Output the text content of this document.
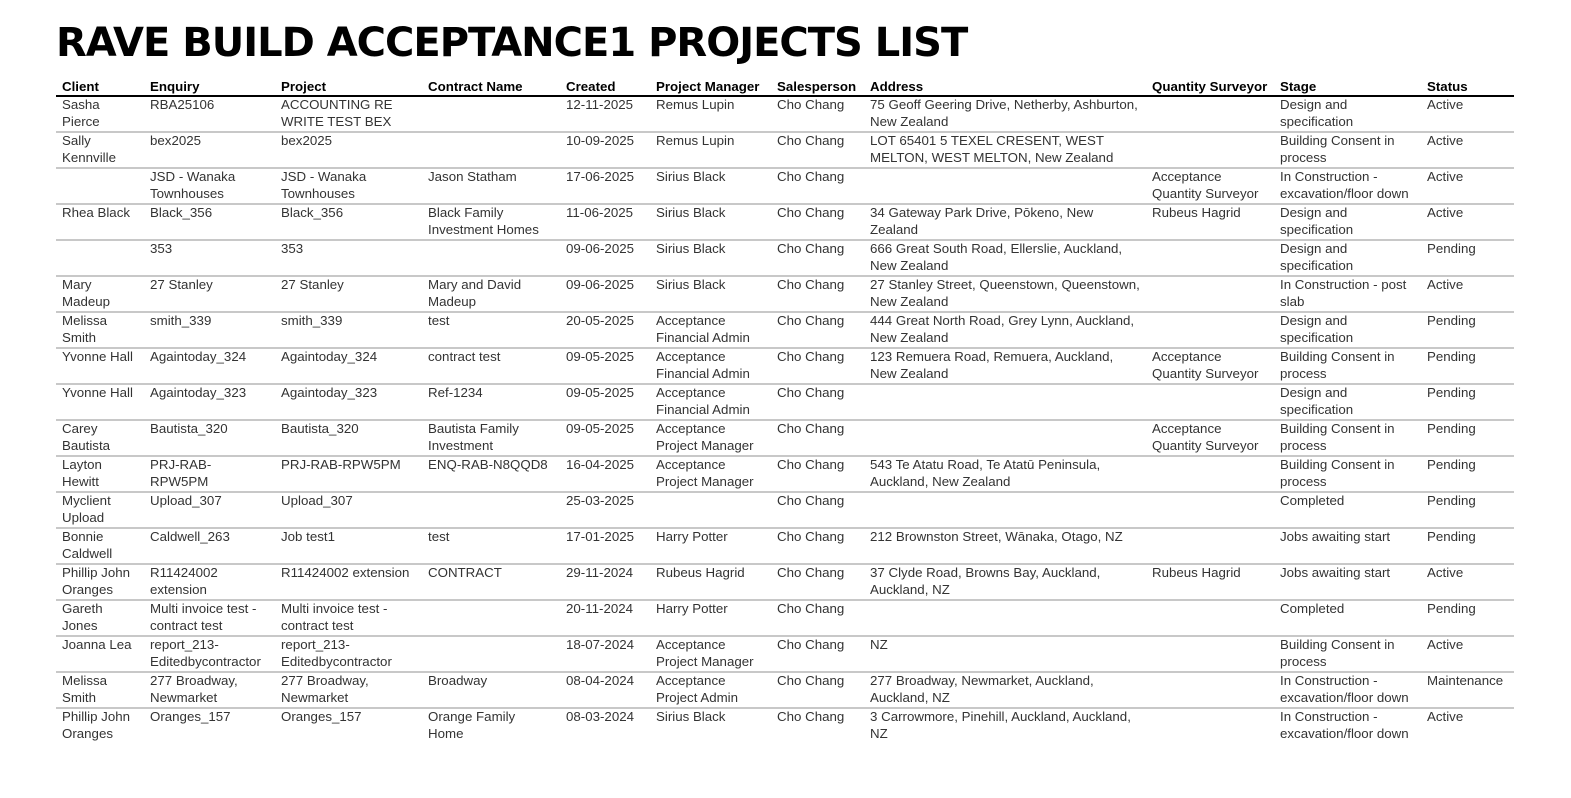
RAVE BUILD ACCEPTANCE1 PROJECTS LIST
Client	Enquiry	Project	Contract Name	Created	Project Manager	Salesperson	Address	Quantity Surveyor	Stage	Status
Sasha Pierce	RBA25106	ACCOUNTING RE WRITE TEST BEX		12-11-2025	Remus Lupin	Cho Chang	75 Geoff Geering Drive, Netherby, Ashburton, New Zealand		Design and specification	Active
Sally Kennville	bex2025	bex2025		10-09-2025	Remus Lupin	Cho Chang	LOT 65401 5 TEXEL CRESENT, WEST MELTON, WEST MELTON, New Zealand		Building Consent in process	Active
	JSD - Wanaka Townhouses	JSD - Wanaka Townhouses	Jason Statham	17-06-2025	Sirius Black	Cho Chang		Acceptance Quantity Surveyor	In Construction - excavation/floor down	Active
Rhea Black	Black_356	Black_356	Black Family Investment Homes	11-06-2025	Sirius Black	Cho Chang	34 Gateway Park Drive, Pōkeno, New Zealand	Rubeus Hagrid	Design and specification	Active
	353	353		09-06-2025	Sirius Black	Cho Chang	666 Great South Road, Ellerslie, Auckland, New Zealand		Design and specification	Pending
Mary Madeup	27 Stanley	27 Stanley	Mary and David Madeup	09-06-2025	Sirius Black	Cho Chang	27 Stanley Street, Queenstown, Queenstown, New Zealand		In Construction - post slab	Active
Melissa Smith	smith_339	smith_339	test	20-05-2025	Acceptance Financial Admin	Cho Chang	444 Great North Road, Grey Lynn, Auckland, New Zealand		Design and specification	Pending
Yvonne Hall	Againtoday_324	Againtoday_324	contract test	09-05-2025	Acceptance Financial Admin	Cho Chang	123 Remuera Road, Remuera, Auckland, New Zealand	Acceptance Quantity Surveyor	Building Consent in process	Pending
Yvonne Hall	Againtoday_323	Againtoday_323	Ref-1234	09-05-2025	Acceptance Financial Admin	Cho Chang			Design and specification	Pending
Carey Bautista	Bautista_320	Bautista_320	Bautista Family Investment	09-05-2025	Acceptance Project Manager	Cho Chang		Acceptance Quantity Surveyor	Building Consent in process	Pending
Layton Hewitt	PRJ-RAB-RPW5PM	PRJ-RAB-RPW5PM	ENQ-RAB-N8QQD8	16-04-2025	Acceptance Project Manager	Cho Chang	543 Te Atatu Road, Te Atatū Peninsula, Auckland, New Zealand		Building Consent in process	Pending
Myclient Upload	Upload_307	Upload_307		25-03-2025		Cho Chang			Completed	Pending
Bonnie Caldwell	Caldwell_263	Job test1	test	17-01-2025	Harry Potter	Cho Chang	212 Brownston Street, Wānaka, Otago, NZ		Jobs awaiting start	Pending
Phillip John Oranges	R11424002 extension	R11424002 extension	CONTRACT	29-11-2024	Rubeus Hagrid	Cho Chang	37 Clyde Road, Browns Bay, Auckland, Auckland, NZ	Rubeus Hagrid	Jobs awaiting start	Active
Gareth Jones	Multi invoice test - contract test	Multi invoice test - contract test		20-11-2024	Harry Potter	Cho Chang			Completed	Pending
Joanna Lea	report_213-Editedbycontractor	report_213-Editedbycontractor		18-07-2024	Acceptance Project Manager	Cho Chang	NZ		Building Consent in process	Active
Melissa Smith	277 Broadway, Newmarket	277 Broadway, Newmarket	Broadway	08-04-2024	Acceptance Project Admin	Cho Chang	277 Broadway, Newmarket, Auckland, Auckland, NZ		In Construction - excavation/floor down	Maintenance
Phillip John Oranges	Oranges_157	Oranges_157	Orange Family Home	08-03-2024	Sirius Black	Cho Chang	3 Carrowmore, Pinehill, Auckland, Auckland, NZ		In Construction - excavation/floor down	Active
